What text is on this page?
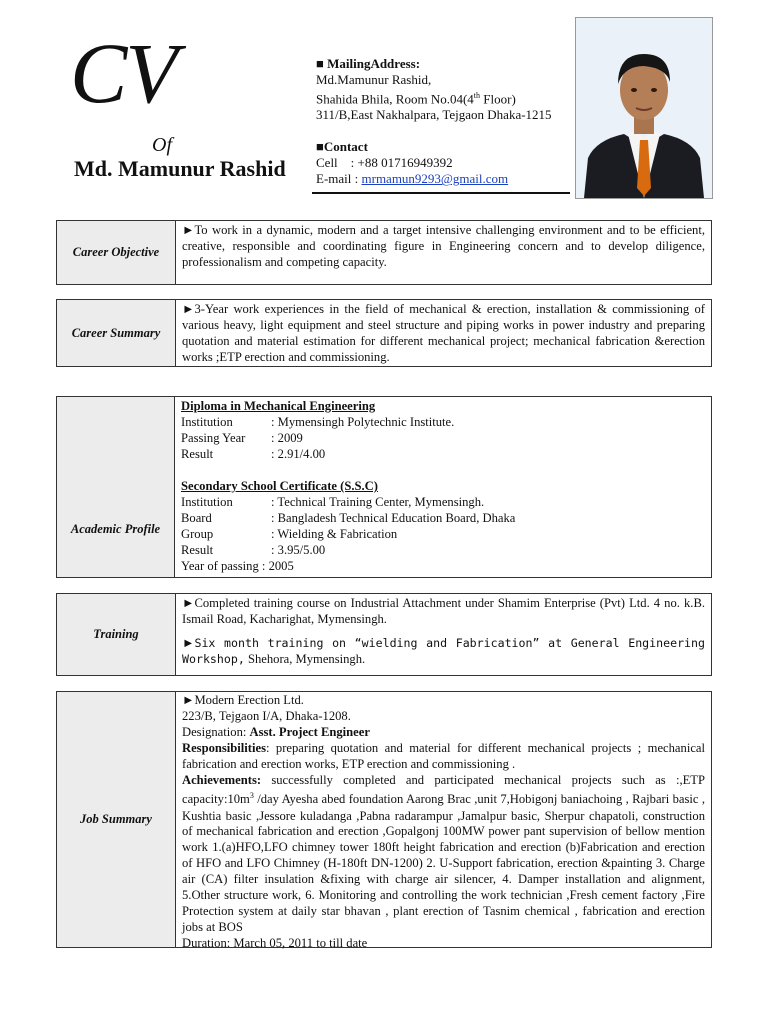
CV
Of
Md. Mamunur Rashid
■ MailingAddress:
Md.Mamunur Rashid,
Shahida Bhila, Room No.04(4th Floor)
311/B,East Nakhalpara, Tejgaon Dhaka-1215
■Contact
Cell    : +88 01716949392
E-mail : mrmamun9293@gmail.com
Career Objective
►To work in a dynamic, modern and a target intensive challenging environment and to be efficient, creative, responsible and coordinating figure in Engineering concern and to develop diligence, professionalism and competing capacity.
Career Summary
►3-Year work experiences in the field of mechanical & erection, installation & commissioning of various heavy, light equipment and steel structure and piping works in power industry and preparing quotation and material estimation for different mechanical project; mechanical fabrication &erection works ;ETP erection and commissioning.
Academic Profile
Diploma in Mechanical Engineering
Institution	: Mymensingh Polytechnic Institute.
Passing Year	: 2009
Result	: 2.91/4.00
Secondary School Certificate (S.S.C)
Institution	: Technical Training Center, Mymensingh.
Board	: Bangladesh Technical Education Board, Dhaka
Group	: Wielding & Fabrication
Result	: 3.95/5.00
Year of passing : 2005
Training
►Completed training course on Industrial Attachment under Shamim Enterprise (Pvt) Ltd. 4 no. k.B. Ismail Road, Kacharighat, Mymensingh.
►Six month training on “wielding and Fabrication” at General Engineering Workshop, Shehora, Mymensingh.
Job Summary
►Modern Erection Ltd.
223/B, Tejgaon I/A, Dhaka-1208.
Designation: Asst. Project Engineer
Responsibilities: preparing quotation and material for different mechanical projects ; mechanical fabrication and erection works, ETP erection and commissioning .
Achievements: successfully completed and participated mechanical projects such as :,ETP $capacity:10m^3$ /day Ayesha abed foundation Aarong Brac ,unit 7,Hobigonj baniachoing , Rajbari basic , Kushtia basic ,Jessore kuladanga ,Pabna radarampur ,Jamalpur basic, Sherpur chapatoli, construction of mechanical fabrication and erection ,Gopalgonj 100MW power pant supervision of bellow mention work 1.(a)HFO,LFO chimney tower 180ft height fabrication and erection (b)Fabrication and erection of HFO and LFO Chimney (H-180ft DN-1200) 2. U-Support fabrication, erection &painting 3. Charge air (CA) filter insulation &fixing with charge air silencer, 4. Damper installation and alignment, 5.Other structure work, 6. Monitoring and controlling the work technician ,Fresh cement factory ,Fire Protection system at daily star bhavan , plant erection of Tasnim chemical , fabrication and erection jobs at BOS
Duration: March 05, 2011 to till date
